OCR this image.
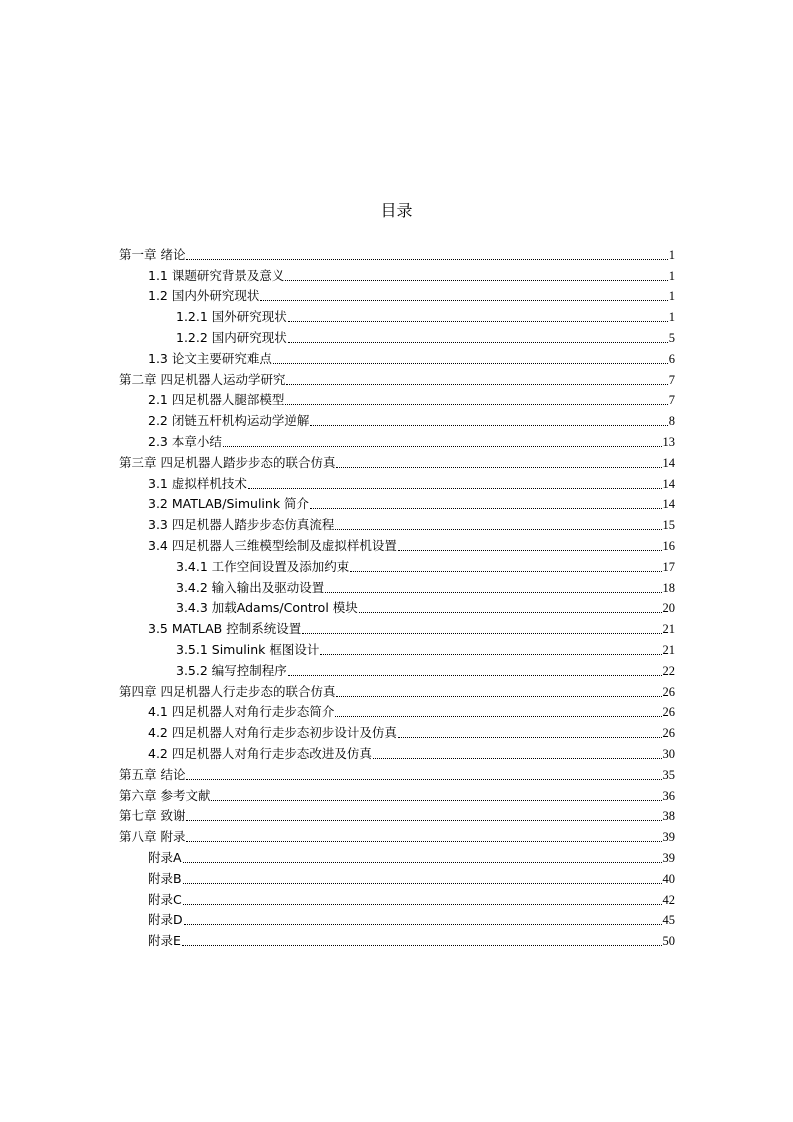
目录
第一章 绪论	1
1.1 课题研究背景及意义	1
1.2 国内外研究现状	1
1.2.1 国外研究现状	1
1.2.2 国内研究现状	5
1.3 论文主要研究难点	6
第二章 四足机器人运动学研究	7
2.1 四足机器人腿部模型	7
2.2 闭链五杆机构运动学逆解	8
2.3 本章小结	13
第三章 四足机器人踏步步态的联合仿真	14
3.1 虚拟样机技术	14
3.2 MATLAB/Simulink 简介	14
3.3 四足机器人踏步步态仿真流程	15
3.4 四足机器人三维模型绘制及虚拟样机设置	16
3.4.1 工作空间设置及添加约束	17
3.4.2 输入输出及驱动设置	18
3.4.3 加载Adams/Control 模块	20
3.5 MATLAB 控制系统设置	21
3.5.1 Simulink 框图设计	21
3.5.2 编写控制程序	22
第四章 四足机器人行走步态的联合仿真	26
4.1 四足机器人对角行走步态简介	26
4.2 四足机器人对角行走步态初步设计及仿真	26
4.2 四足机器人对角行走步态改进及仿真	30
第五章 结论	35
第六章 参考文献	36
第七章 致谢	38
第八章 附录	39
附录A	39
附录B	40
附录C	42
附录D	45
附录E	50
